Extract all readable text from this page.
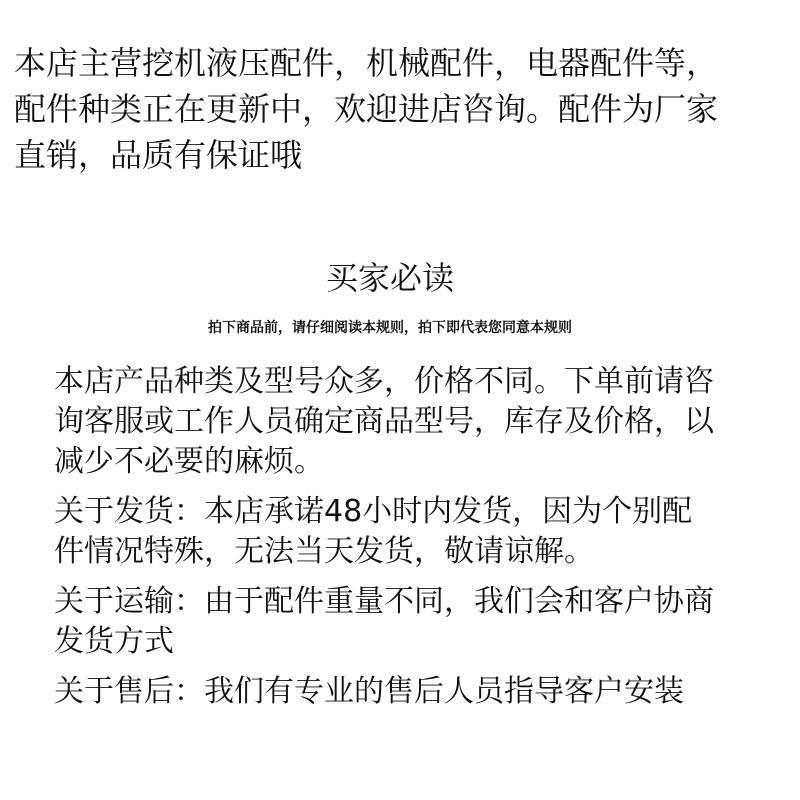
本店主营挖机液压配件，机械配件，电器配件等，
配件种类正在更新中，欢迎进店咨询。配件为厂家
直销，品质有保证哦
买家必读

拍下商品前，请仔细阅读本规则，拍下即代表您同意本规则

本店产品种类及型号众多，价格不同。下单前请咨
询客服或工作人员确定商品型号，库存及价格，以
减少不必要的麻烦。
关于发货：本店承诺48小时内发货，因为个别配
件情况特殊，无法当天发货，敬请谅解。
关于运输：由于配件重量不同，我们会和客户协商
发货方式
关于售后：我们有专业的售后人员指导客户安装
